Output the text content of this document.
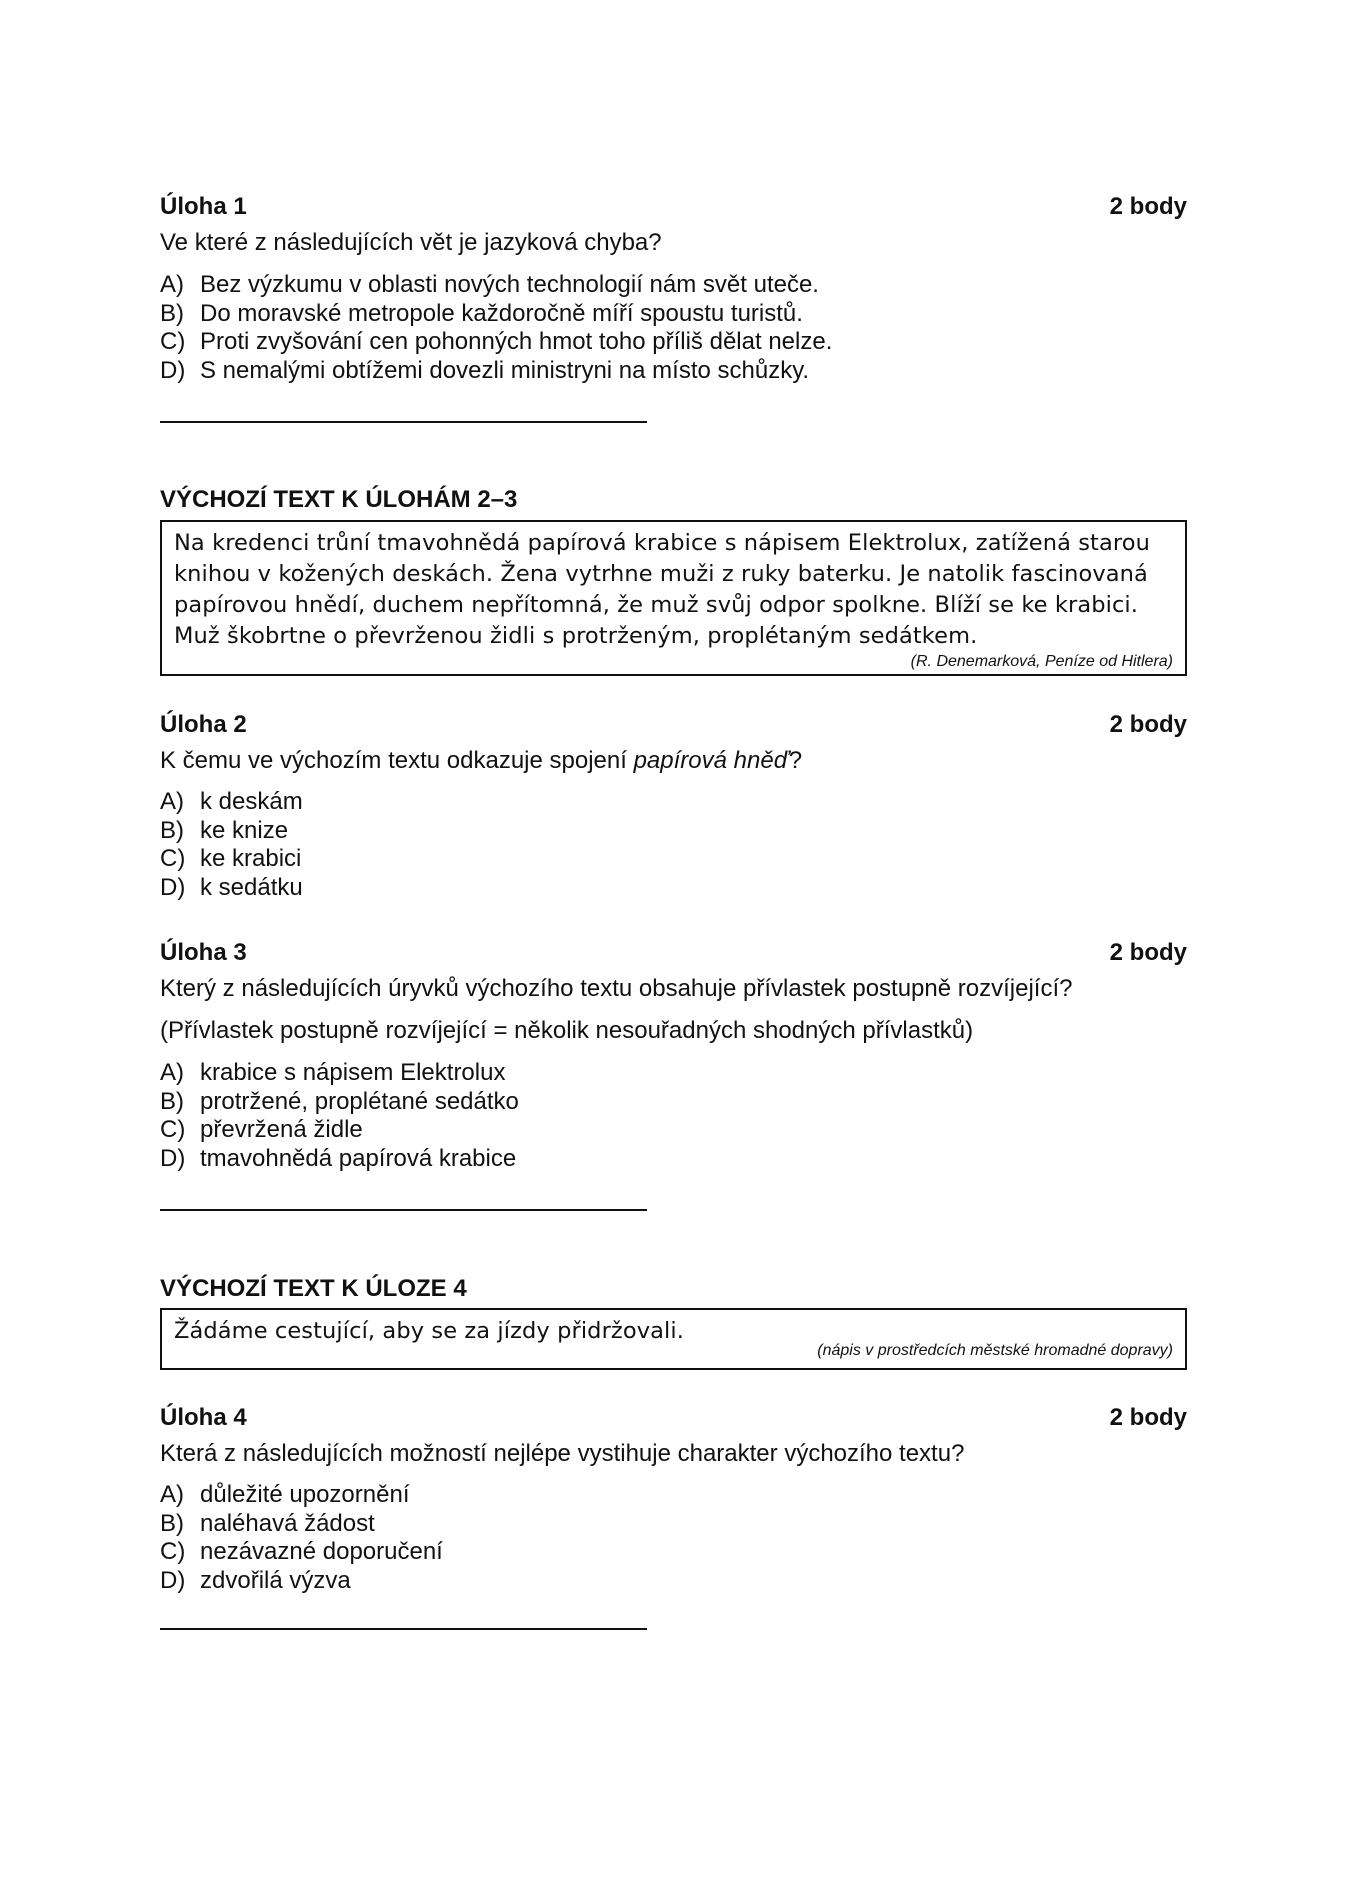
Úloha 1	2 body
Ve které z následujících vět je jazyková chyba?
A) Bez výzkumu v oblasti nových technologií nám svět uteče.
B) Do moravské metropole každoročně míří spoustu turistů.
C) Proti zvyšování cen pohonných hmot toho příliš dělat nelze.
D) S nemalými obtížemi dovezli ministryni na místo schůzky.
VÝCHOZÍ TEXT K ÚLOHÁM 2–3
Na kredenci trůní tmavohnědá papírová krabice s nápisem Elektrolux, zatížená starou
knihou v kožených deskách. Žena vytrhne muži z ruky baterku. Je natolik fascinovaná
papírovou hnědí, duchem nepřítomná, že muž svůj odpor spolkne. Blíží se ke krabici.
Muž škobrtne o převrženou židli s protrženým, proplétaným sedátkem.
(R. Denemarková, Peníze od Hitlera)
Úloha 2	2 body
K čemu ve výchozím textu odkazuje spojení papírová hněď?
A) k deskám
B) ke knize
C) ke krabici
D) k sedátku
Úloha 3	2 body
Který z následujících úryvků výchozího textu obsahuje přívlastek postupně rozvíjející?
(Přívlastek postupně rozvíjející = několik nesouřadných shodných přívlastků)
A) krabice s nápisem Elektrolux
B) protržené, proplétané sedátko
C) převržená židle
D) tmavohnědá papírová krabice
VÝCHOZÍ TEXT K ÚLOZE 4
Žádáme cestující, aby se za jízdy přidržovali.
(nápis v prostředcích městské hromadné dopravy)
Úloha 4	2 body
Která z následujících možností nejlépe vystihuje charakter výchozího textu?
A) důležité upozornění
B) naléhavá žádost
C) nezávazné doporučení
D) zdvořilá výzva
